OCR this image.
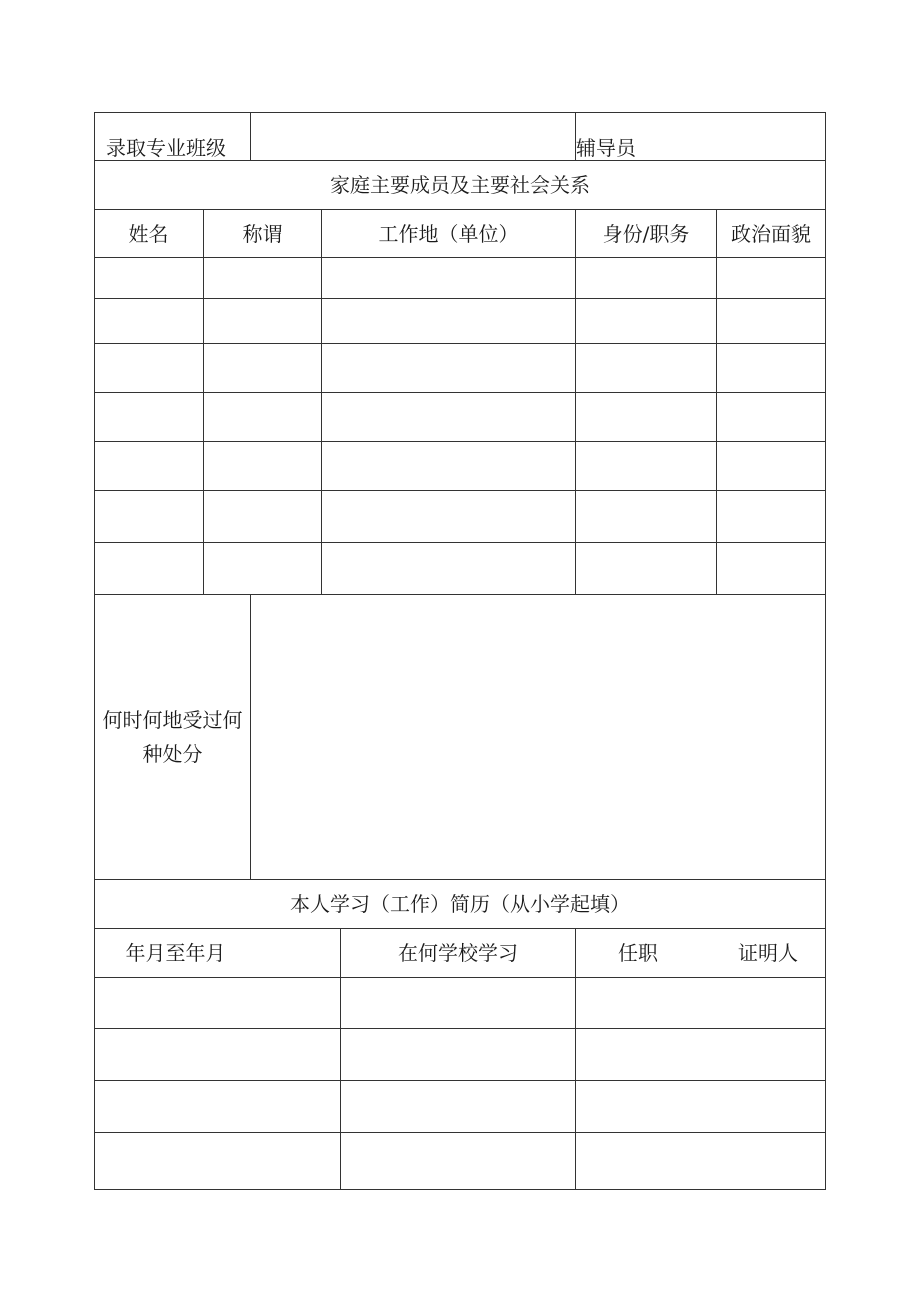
录取专业班级	辅导员
家庭主要成员及主要社会关系
姓名	称谓	工作地（单位）	身份/职务	政治面貌
何时何地受过何种处分
本人学习（工作）简历（从小学起填）
年月至年月	在何学校学习	任职	证明人
